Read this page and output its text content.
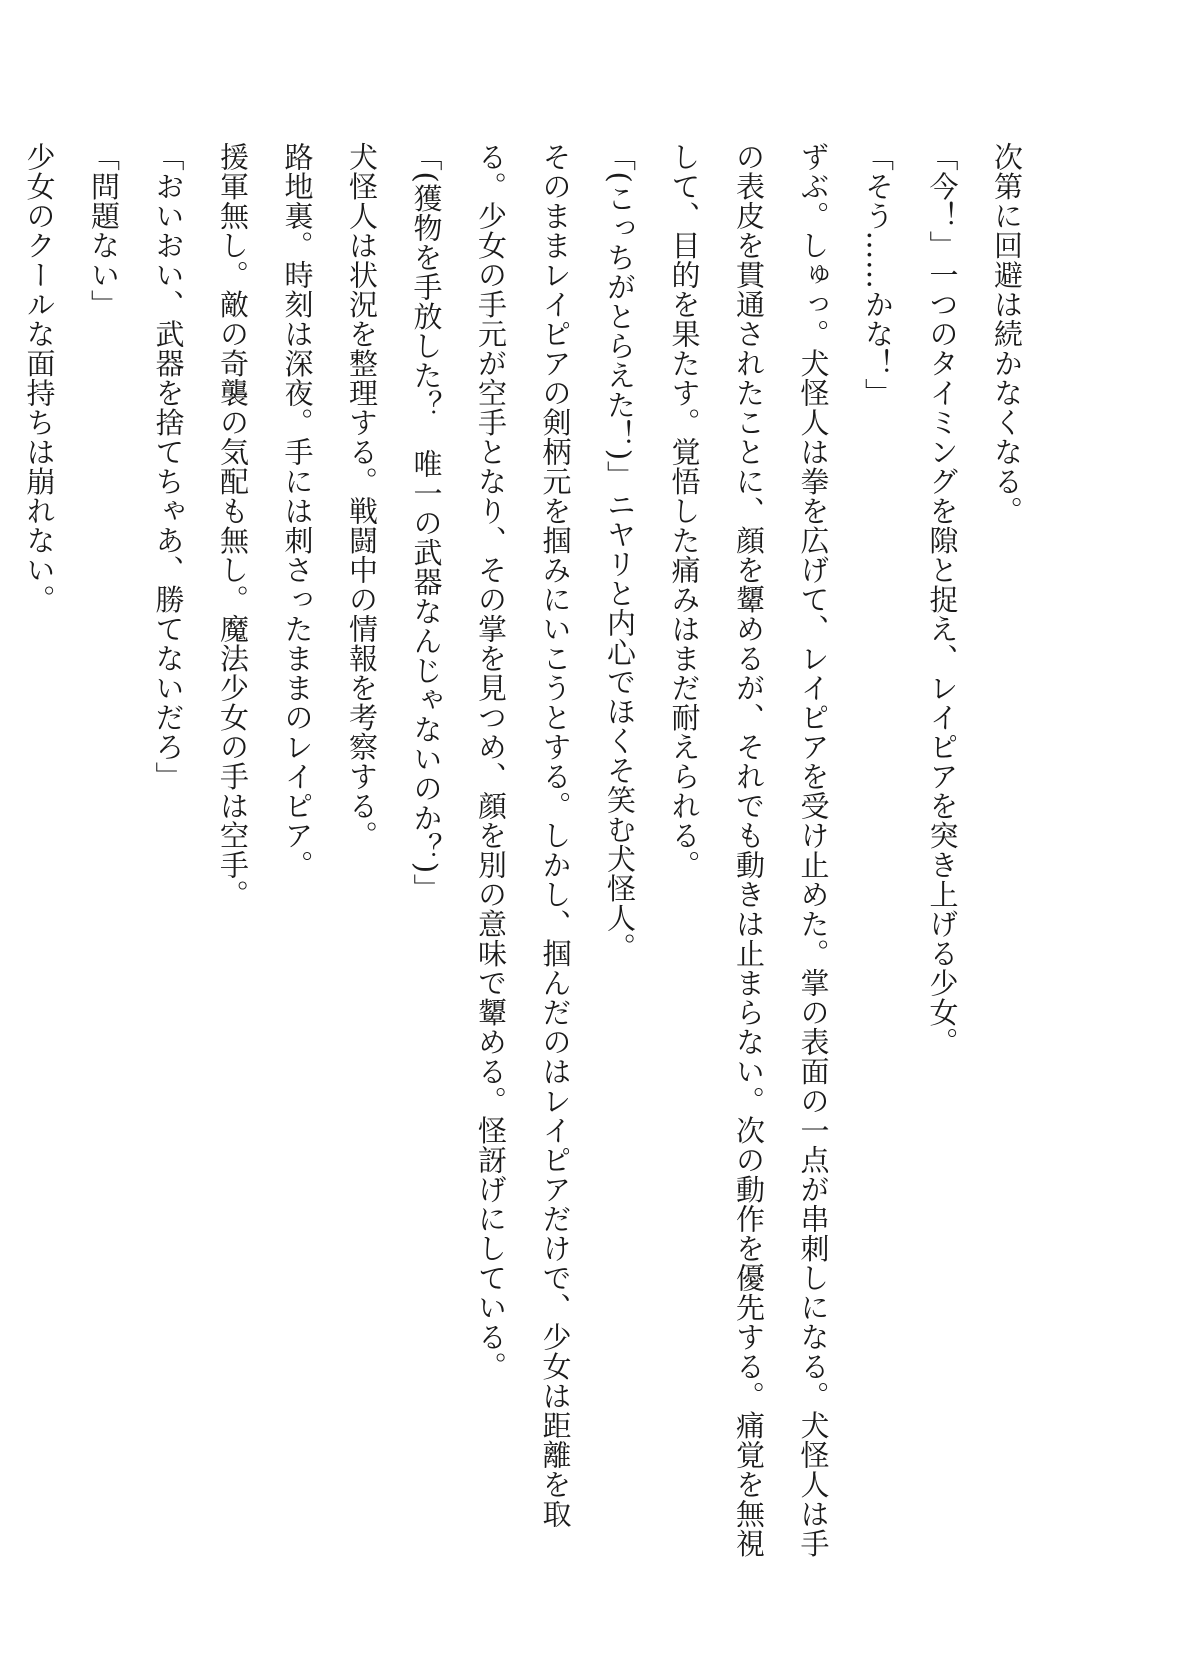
次第に回避は続かなくなる。

「今！」一つのタイミングを隙と捉え、レイピアを突き上げる少女。

「そう……かな！」

ずぶ。しゅっ。犬怪人は拳を広げて、レイピアを受け止めた。掌の表面の一点が串刺しになる。犬怪人は手の表皮を貫通されたことに、顔を顰めるが、それでも動きは止まらない。次の動作を優先する。痛覚を無視して、目的を果たす。覚悟した痛みはまだ耐えられる。

「(こっちがとらえた！)」ニヤリと内心でほくそ笑む犬怪人。

そのままレイピアの剣柄元を掴みにいこうとする。しかし、掴んだのはレイピアだけで、少女は距離を取る。少女の手元が空手となり、その掌を見つめ、顔を別の意味で顰める。怪訝げにしている。

「(獲物を手放した？　唯一の武器なんじゃないのか？)」

犬怪人は状況を整理する。戦闘中の情報を考察する。

路地裏。時刻は深夜。手には刺さったままのレイピア。

援軍無し。敵の奇襲の気配も無し。魔法少女の手は空手。

「おいおい、武器を捨てちゃあ、勝てないだろ」

「問題ない」

少女のクールな面持ちは崩れない。
